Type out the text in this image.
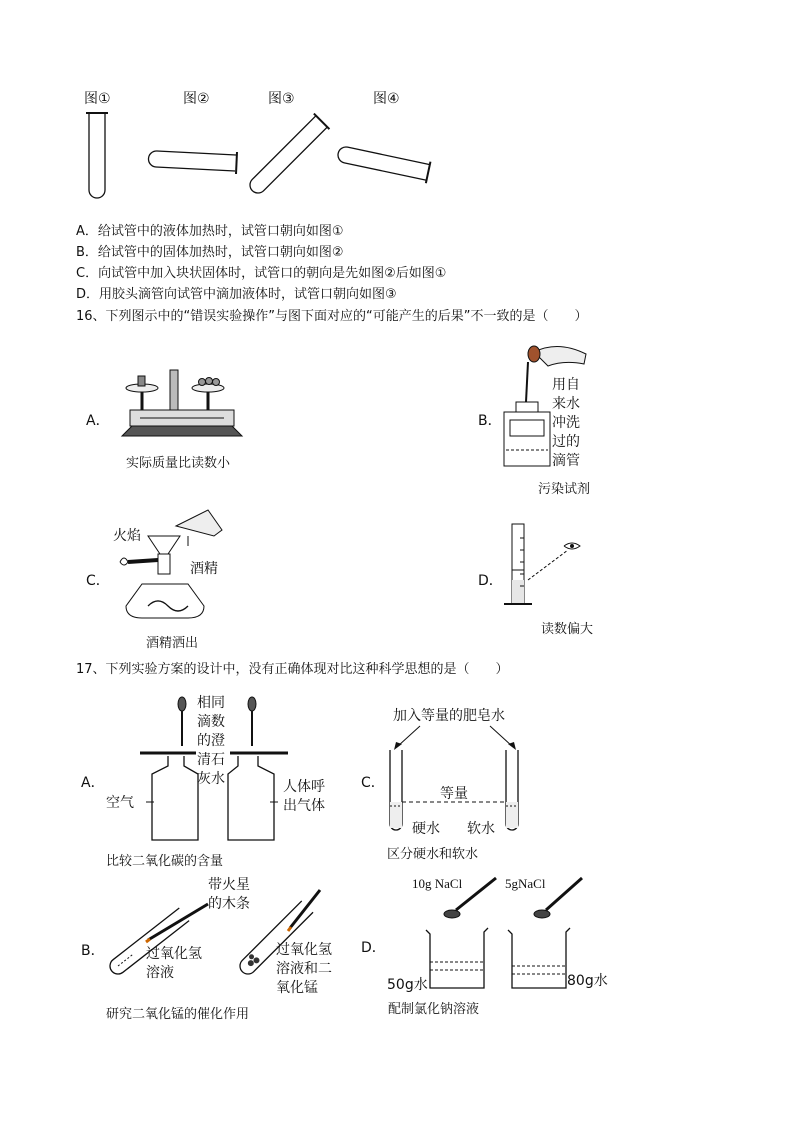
图①	图②	图③	图④
A．给试管中的液体加热时，试管口朝向如图①
B．给试管中的固体加热时，试管口朝向如图②
C．向试管中加入块状固体时，试管口的朝向是先如图②后如图①
D．用胶头滴管向试管中滴加液体时，试管口朝向如图③
16、下列图示中的“错误实验操作”与图下面对应的“可能产生的后果”不一致的是（　　）
A．
实际质量比读数小
B．
用自
来水
冲洗
过的
滴管
污染试剂
C．
火焰
酒精
酒精洒出
D．
读数偏大
17、下列实验方案的设计中，没有正确体现对比这种科学思想的是（　　）
A．
相同
滴数
的澄
清石
灰水
空气
人体呼
出气体
比较二氧化碳的含量
C．
加入等量的肥皂水
等量
硬水 软水
区分硬水和软水
B．
带火星
的木条
过氧化氢
溶液
过氧化氢
溶液和二
氧化锰
研究二氧化锰的催化作用
D．
10g NaCl	5gNaCl
50g水	80g水
配制氯化钠溶液
